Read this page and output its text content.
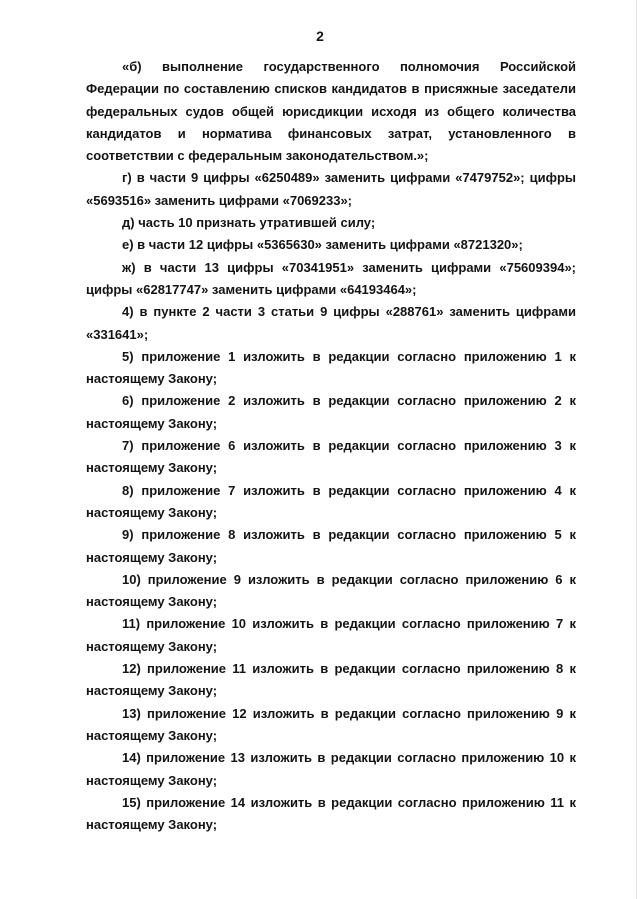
2

«б) выполнение государственного полномочия Российской Федерации по составлению списков кандидатов в присяжные заседатели федеральных судов общей юрисдикции исходя из общего количества кандидатов и норматива финансовых затрат, установленного в соответствии с федеральным законодательством.»;

г) в части 9 цифры «6250489» заменить цифрами «7479752»; цифры «5693516» заменить цифрами «7069233»;

д) часть 10 признать утратившей силу;

е) в части 12 цифры «5365630» заменить цифрами «8721320»;

ж) в части 13 цифры «70341951» заменить цифрами «75609394»; цифры «62817747» заменить цифрами «64193464»;

4) в пункте 2 части 3 статьи 9 цифры «288761» заменить цифрами «331641»;

5) приложение 1 изложить в редакции согласно приложению 1 к настоящему Закону;

6) приложение 2 изложить в редакции согласно приложению 2 к настоящему Закону;

7) приложение 6 изложить в редакции согласно приложению 3 к настоящему Закону;

8) приложение 7 изложить в редакции согласно приложению 4 к настоящему Закону;

9) приложение 8 изложить в редакции согласно приложению 5 к настоящему Закону;

10) приложение 9 изложить в редакции согласно приложению 6 к настоящему Закону;

11) приложение 10 изложить в редакции согласно приложению 7 к настоящему Закону;

12) приложение 11 изложить в редакции согласно приложению 8 к настоящему Закону;

13) приложение 12 изложить в редакции согласно приложению 9 к настоящему Закону;

14) приложение 13 изложить в редакции согласно приложению 10 к настоящему Закону;

15) приложение 14 изложить в редакции согласно приложению 11 к настоящему Закону;
